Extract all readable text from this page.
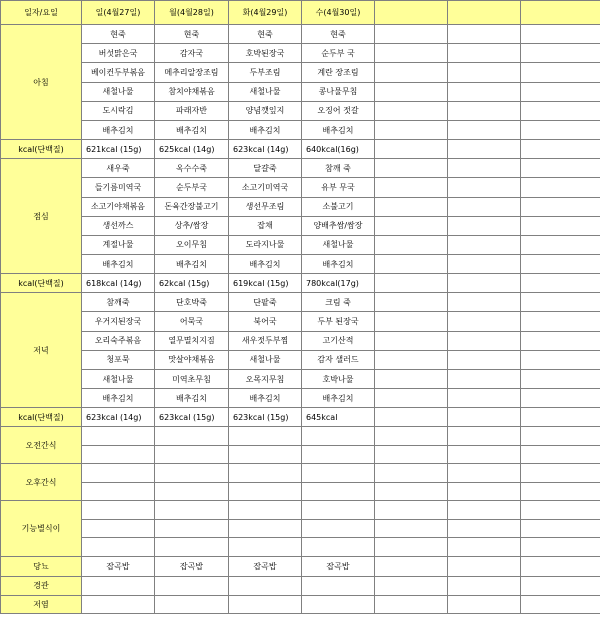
일자/요일	일(4월27일)	월(4월28일)	화(4월29일)	수(4월30일)			
아침	현죽	현죽	현죽	현죽			
	버섯맑은국	감자국	호박된장국	순두부 국			
	베이컨두부볶음	메추리알장조림	두부조림	계란 장조림			
	새철나물	참치야채볶음	새철나물	콩나물무침			
	도시락김	파래자반	양념깻잎지	오징어 젓갈			
	배추김치	배추김치	배추김치	배추김치			
kcal(단백질)	621kcal (15g)	625kcal (14g)	623kcal (14g)	640kcal(16g)			
점심	새우죽	옥수수죽	달걀죽	참깨 죽			
	들기름미역국	순두부국	소고기미역국	유부 무국			
	소고기야채볶음	돈육간장불고기	생선무조림	소불고기			
	생선까스	상추/쌈장	잡채	양배추쌈/쌈장			
	계절나물	오이무침	도라지나물	새철나물			
	배추김치	배추김치	배추김치	배추김치			
kcal(단백질)	618kcal (14g)	62kcal (15g)	619kcal (15g)	780kcal(17g)			
저녁	참깨죽	단호박죽	단팥죽	크림 죽			
	우거지된장국	어묵국	북어국	두부 된장국			
	오리숙주볶음	열무멸치지짐	새우젓두부찜	고기산적			
	청포묵	맛살야채볶음	새철나물	감자 샐러드			
	새철나물	미역초무침	오목지무침	호박나물			
	배추김치	배추김치	배추김치	배추김치			
kcal(단백질)	623kcal (14g)	623kcal (15g)	623kcal (15g)	645kcal			
오전간식							

오후간식							

기능별식이							

당뇨	잡곡밥	잡곡밥	잡곡밥	잡곡밥			
경관							
저염							
